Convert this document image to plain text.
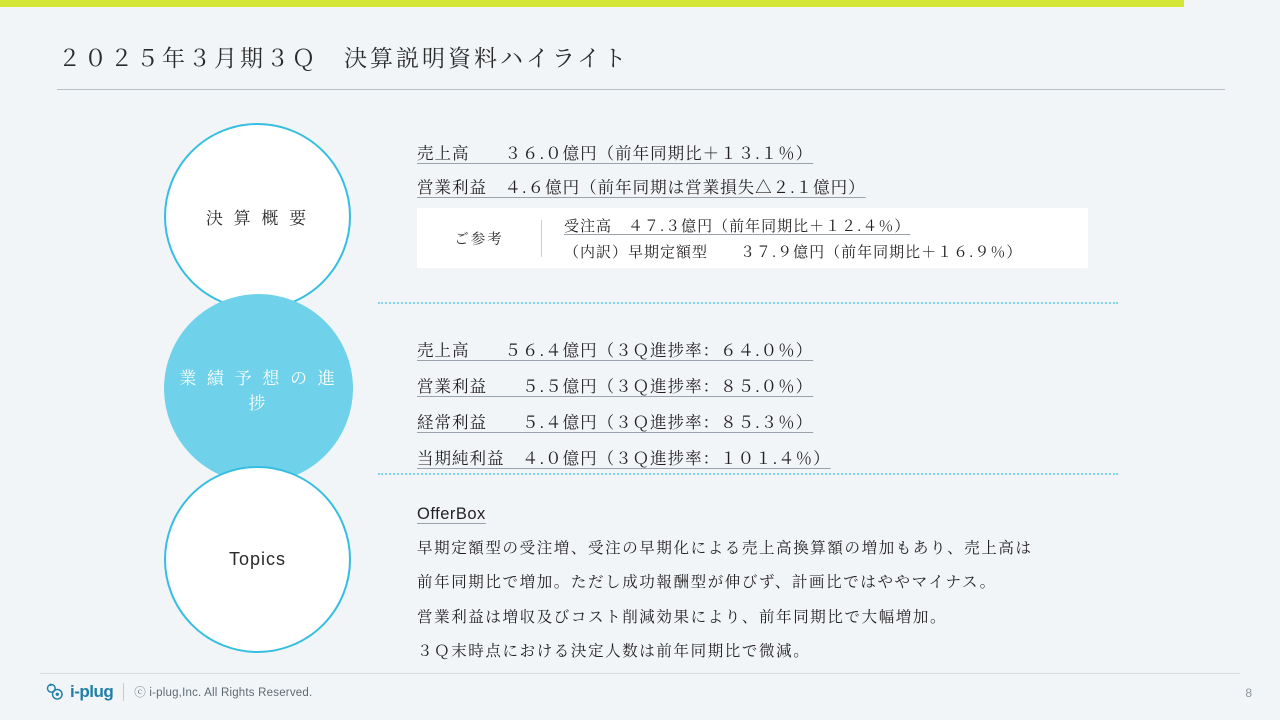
２０２５年３月期３Ｑ　決算説明資料ハイライト
決 算 概 要
業 績 予 想 の 進 捗
Topics
売上高　　３６.０億円（前年同期比＋１３.１％）
営業利益　４.６億円（前年同期は営業損失△２.１億円）
ご参考
受注高　４７.３億円（前年同期比＋１２.４％）
（内訳）早期定額型　　３７.９億円（前年同期比＋１６.９％）
売上高　　５６.４億円（３Ｑ進捗率：６４.０％）
営業利益　　５.５億円（３Ｑ進捗率：８５.０％）
経常利益　　５.４億円（３Ｑ進捗率：８５.３％）
当期純利益　４.０億円（３Ｑ進捗率：１０１.４％）
OfferBox

早期定額型の受注増、受注の早期化による売上高換算額の増加もあり、売上高は

前年同期比で増加。ただし成功報酬型が伸びず、計画比ではややマイナス。

営業利益は増収及びコスト削減効果により、前年同期比で大幅増加。

３Ｑ末時点における決定人数は前年同期比で微減。

i-plug ⓒ i-plug,Inc. All Rights Reserved.	8
